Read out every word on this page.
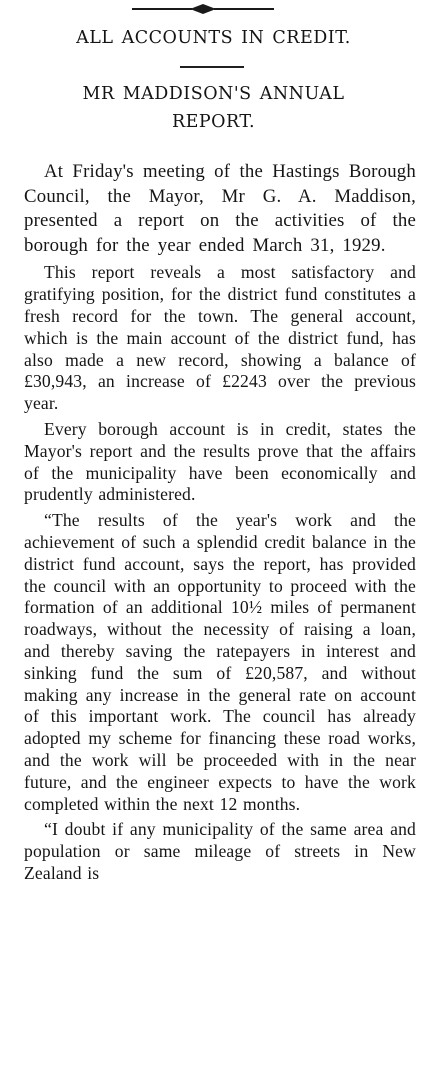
ALL ACCOUNTS IN CREDIT.
MR MADDISON'S ANNUAL
REPORT.

At Friday's meeting of the Hastings Borough Council, the Mayor, Mr G. A. Maddison, presented a report on the activities of the borough for the year ended March 31, 1929.

This report reveals a most satisfactory and gratifying position, for the district fund constitutes a fresh record for the town. The general account, which is the main account of the district fund, has also made a new record, showing a balance of £30,943, an increase of £2243 over the previous year.

Every borough account is in credit, states the Mayor's report and the results prove that the affairs of the municipality have been economically and prudently administered.

“The results of the year's work and the achievement of such a splendid credit balance in the district fund account, says the report, has provided the council with an opportunity to proceed with the formation of an additional 10½ miles of permanent roadways, without the necessity of raising a loan, and thereby saving the ratepayers in interest and sinking fund the sum of £20,587, and without making any increase in the general rate on account of this important work. The council has already adopted my scheme for financing these road works, and the work will be proceeded with in the near future, and the engineer expects to have the work completed within the next 12 months.

“I doubt if any municipality of the same area and population or same mileage of streets in New Zealand is
